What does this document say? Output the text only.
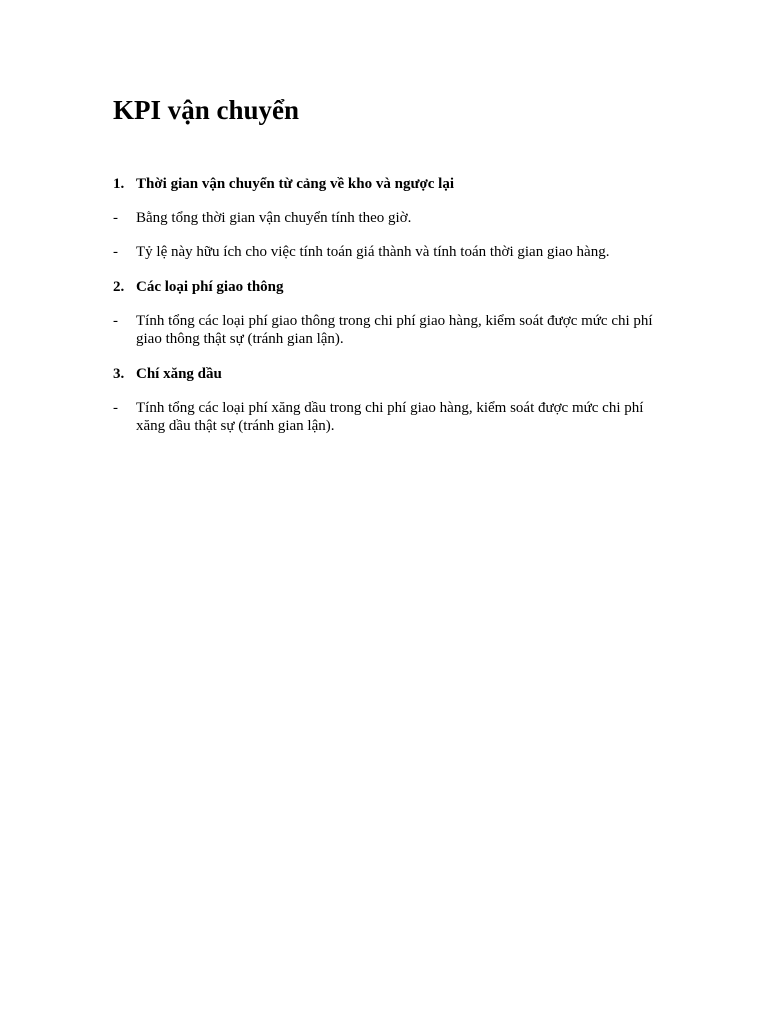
KPI vận chuyển
1. Thời gian vận chuyển từ cảng về kho và ngược lại
-	Bằng tổng thời gian vận chuyển tính theo giờ.
-	Tỷ lệ này hữu ích cho việc tính toán giá thành và tính toán thời gian giao hàng.
2. Các loại phí giao thông
-	Tính tổng các loại phí giao thông trong chi phí giao hàng, kiểm soát được mức chi phí giao thông thật sự (tránh gian lận).
3. Chí xăng dầu
-	Tính tổng các loại phí xăng dầu trong chi phí giao hàng, kiểm soát được mức chi phí xăng dầu thật sự (tránh gian lận).
